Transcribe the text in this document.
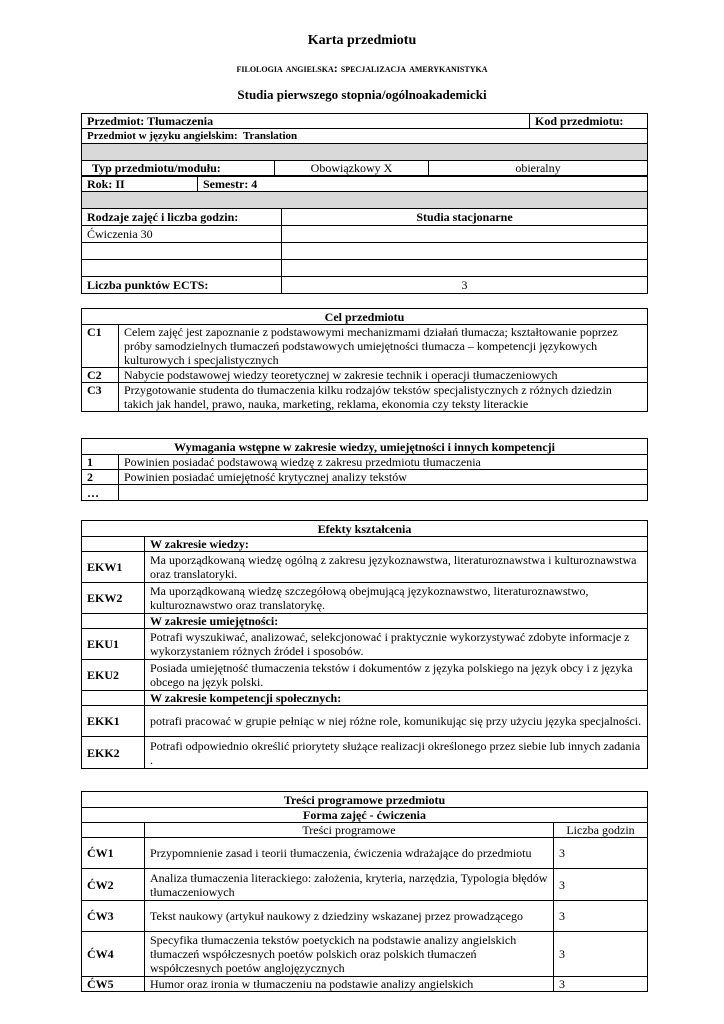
Karta przedmiotu
filologia angielska: specjalizacja amerykanistyka
Studia pierwszego stopnia/ogólnoakademicki
Przedmiot: Tłumaczenia	Kod przedmiotu:
Przedmiot w języku angielskim: Translation

Typ przedmiotu/modułu:	Obowiązkowy X	obieralny
Rok: II	Semestr: 4

Rodzaje zajęć i liczba godzin:	Studia stacjonarne
Ćwiczenia 30	

Liczba punktów ECTS:	3
Cel przedmiotu	
C1	Celem zajęć jest zapoznanie z podstawowymi mechanizmami działań tłumacza; kształtowanie poprzez próby samodzielnych tłumaczeń podstawowych umiejętności tłumacza – kompetencji językowych kulturowych i specjalistycznych
C2	Nabycie podstawowej wiedzy teoretycznej w zakresie technik i operacji tłumaczeniowych
C3	Przygotowanie studenta do tłumaczenia kilku rodzajów tekstów specjalistycznych z różnych dziedzin takich jak handel, prawo, nauka, marketing, reklama, ekonomia czy teksty literackie
Wymagania wstępne w zakresie wiedzy, umiejętności i innych kompetencji	
1	Powinien posiadać podstawową wiedzę z zakresu przedmiotu tłumaczenia
2	Powinien posiadać umiejętność krytycznej analizy tekstów
…	
Efekty kształcenia	
	W zakresie wiedzy:
EKW1	Ma uporządkowaną wiedzę ogólną z zakresu językoznawstwa, literaturoznawstwa i kulturoznawstwa oraz translatoryki.
EKW2	Ma uporządkowaną wiedzę szczegółową obejmującą językoznawstwo, literaturoznawstwo, kulturoznawstwo oraz translatorykę.
	W zakresie umiejętności:
EKU1	Potrafi wyszukiwać, analizować, selekcjonować i praktycznie wykorzystywać zdobyte informacje z wykorzystaniem różnych źródeł i sposobów.
EKU2	Posiada umiejętność tłumaczenia tekstów i dokumentów z języka polskiego na język obcy i z języka obcego na język polski.
	W zakresie kompetencji społecznych:
EKK1	potrafi pracować w grupie pełniąc w niej różne role, komunikując się przy użyciu języka specjalności.
EKK2	Potrafi odpowiednio określić priorytety służące realizacji określonego przez siebie lub innych zadania .
Treści programowe przedmiotu		
Forma zajęć - ćwiczenia		
	Treści programowe	Liczba godzin
ĆW1	Przypomnienie zasad i teorii tłumaczenia, ćwiczenia wdrażające do przedmiotu	3
ĆW2	Analiza tłumaczenia literackiego: założenia, kryteria, narzędzia, Typologia błędów tłumaczeniowych	3
ĆW3	Tekst naukowy (artykuł naukowy z dziedziny wskazanej przez prowadzącego	3
ĆW4	Specyfika tłumaczenia tekstów poetyckich na podstawie analizy angielskich tłumaczeń współczesnych poetów polskich oraz polskich tłumaczeń współczesnych poetów anglojęzycznych	3
ĆW5	Humor oraz ironia w tłumaczeniu na podstawie analizy angielskich	3
